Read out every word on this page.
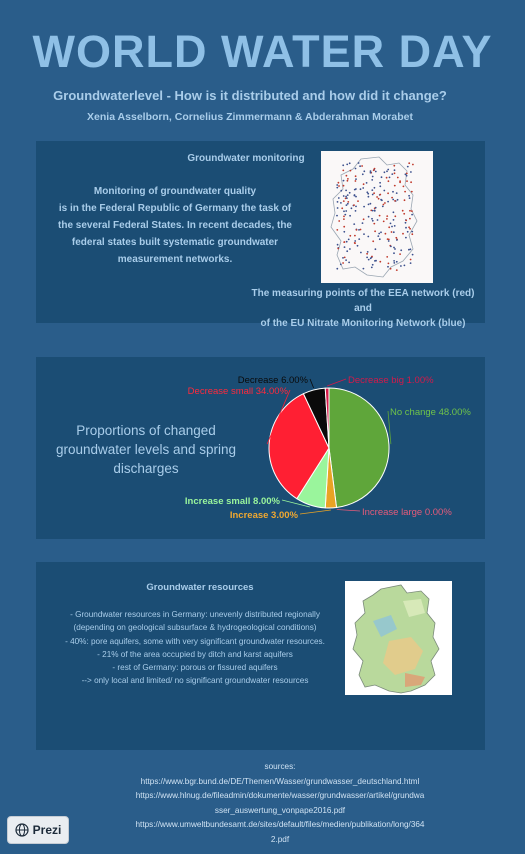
WORLD WATER DAY
Groundwaterlevel - How is it distributed and how did it change?
Xenia Asselborn, Cornelius Zimmermann & Abderahman Morabet
Groundwater monitoring
Monitoring of groundwater quality
is in the Federal Republic of Germany the task of
the several Federal States. In recent decades, the
federal states built systematic groundwater
measurement networks.
The measuring points of the EEA network (red) and
of the EU Nitrate Monitoring Network (blue)
Proportions of changed
groundwater levels and spring
discharges
No change 48.00%
Increase large 0.00%
Increase 3.00%
Increase small 8.00%
Decrease small 34.00%
Decrease 6.00%	Decrease big 1.00%
Groundwater resources
- Groundwater resources in Germany: unevenly distributed regionally
(depending on geological subsurface & hydrogeological conditions)
- 40%: pore aquifers, some with very significant groundwater resources.
- 21% of the area occupied by ditch and karst aquifers
- rest of Germany: porous or fissured aquifers
--> only local and limited/ no significant groundwater resources
sources:
https://www.bgr.bund.de/DE/Themen/Wasser/grundwasser_deutschland.html
https://www.hlnug.de/fileadmin/dokumente/wasser/grundwasser/artikel/grundwa
sser_auswertung_vonpape2016.pdf
https://www.umweltbundesamt.de/sites/default/files/medien/publikation/long/364
2.pdf
Prezi
